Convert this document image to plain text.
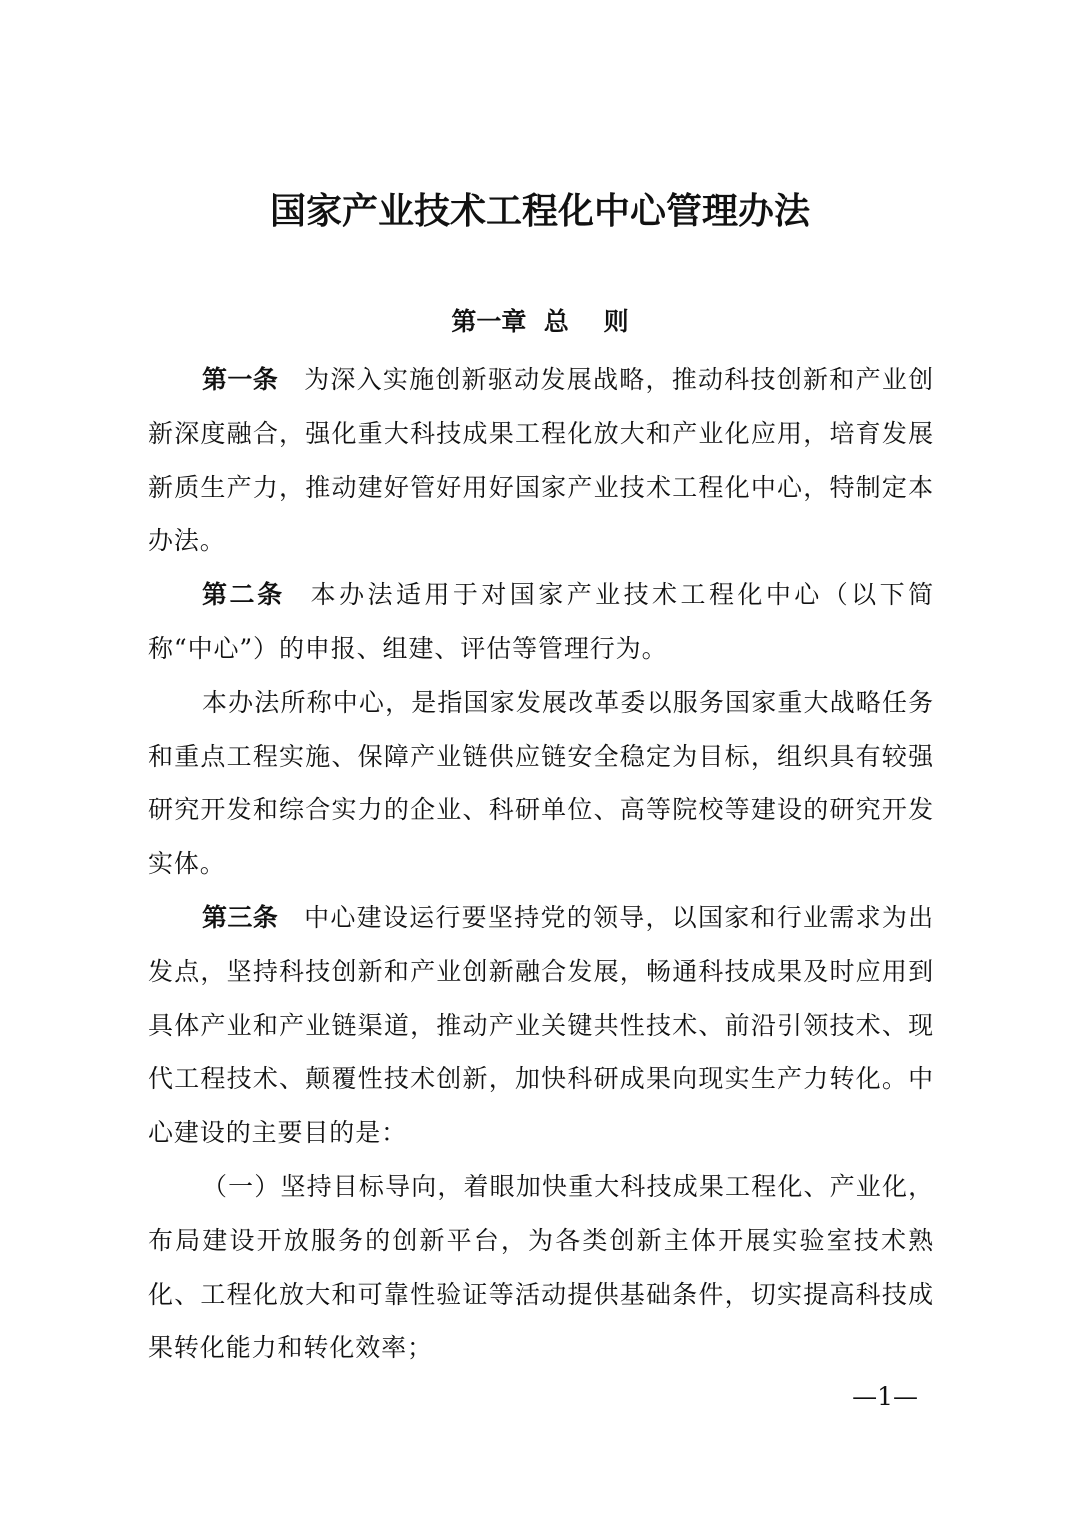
国家产业技术工程化中心管理办法
第一章  总    则

第一条 为深入实施创新驱动发展战略，推动科技创新和产业创新深度融合，强化重大科技成果工程化放大和产业化应用，培育发展新质生产力，推动建好管好用好国家产业技术工程化中心，特制定本办法。

第二条 本办法适用于对国家产业技术工程化中心（以下简称“中心”）的申报、组建、评估等管理行为。

本办法所称中心，是指国家发展改革委以服务国家重大战略任务和重点工程实施、保障产业链供应链安全稳定为目标，组织具有较强研究开发和综合实力的企业、科研单位、高等院校等建设的研究开发实体。

第三条 中心建设运行要坚持党的领导，以国家和行业需求为出发点，坚持科技创新和产业创新融合发展，畅通科技成果及时应用到具体产业和产业链渠道，推动产业关键共性技术、前沿引领技术、现代工程技术、颠覆性技术创新，加快科研成果向现实生产力转化。中心建设的主要目的是：

（一）坚持目标导向，着眼加快重大科技成果工程化、产业化，布局建设开放服务的创新平台，为各类创新主体开展实验室技术熟化、工程化放大和可靠性验证等活动提供基础条件，切实提高科技成果转化能力和转化效率；

—1—
